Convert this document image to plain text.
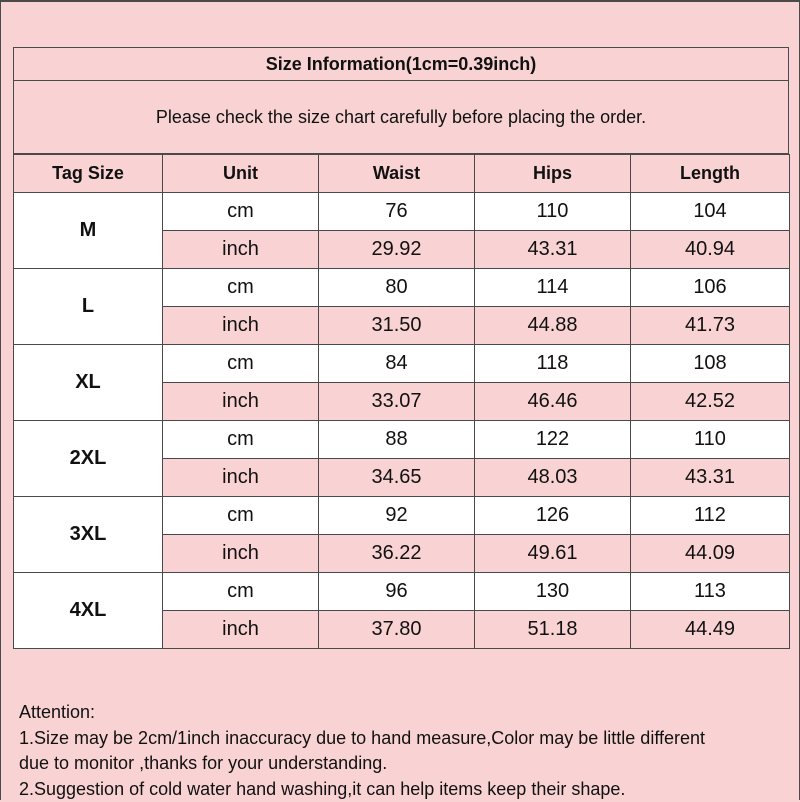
Size Information(1cm=0.39inch)
Please check the size chart carefully before placing the order.
Tag Size	Unit	Waist	Hips	Length
M	cm	76	110	104
	inch	29.92	43.31	40.94
L	cm	80	114	106
	inch	31.50	44.88	41.73
XL	cm	84	118	108
	inch	33.07	46.46	42.52
2XL	cm	88	122	110
	inch	34.65	48.03	43.31
3XL	cm	92	126	112
	inch	36.22	49.61	44.09
4XL	cm	96	130	113
	inch	37.80	51.18	44.49
Attention:
1.Size may be 2cm/1inch inaccuracy due to hand measure,Color may be little different
due to monitor ,thanks for your understanding.
2.Suggestion of cold water hand washing,it can help items keep their shape.
